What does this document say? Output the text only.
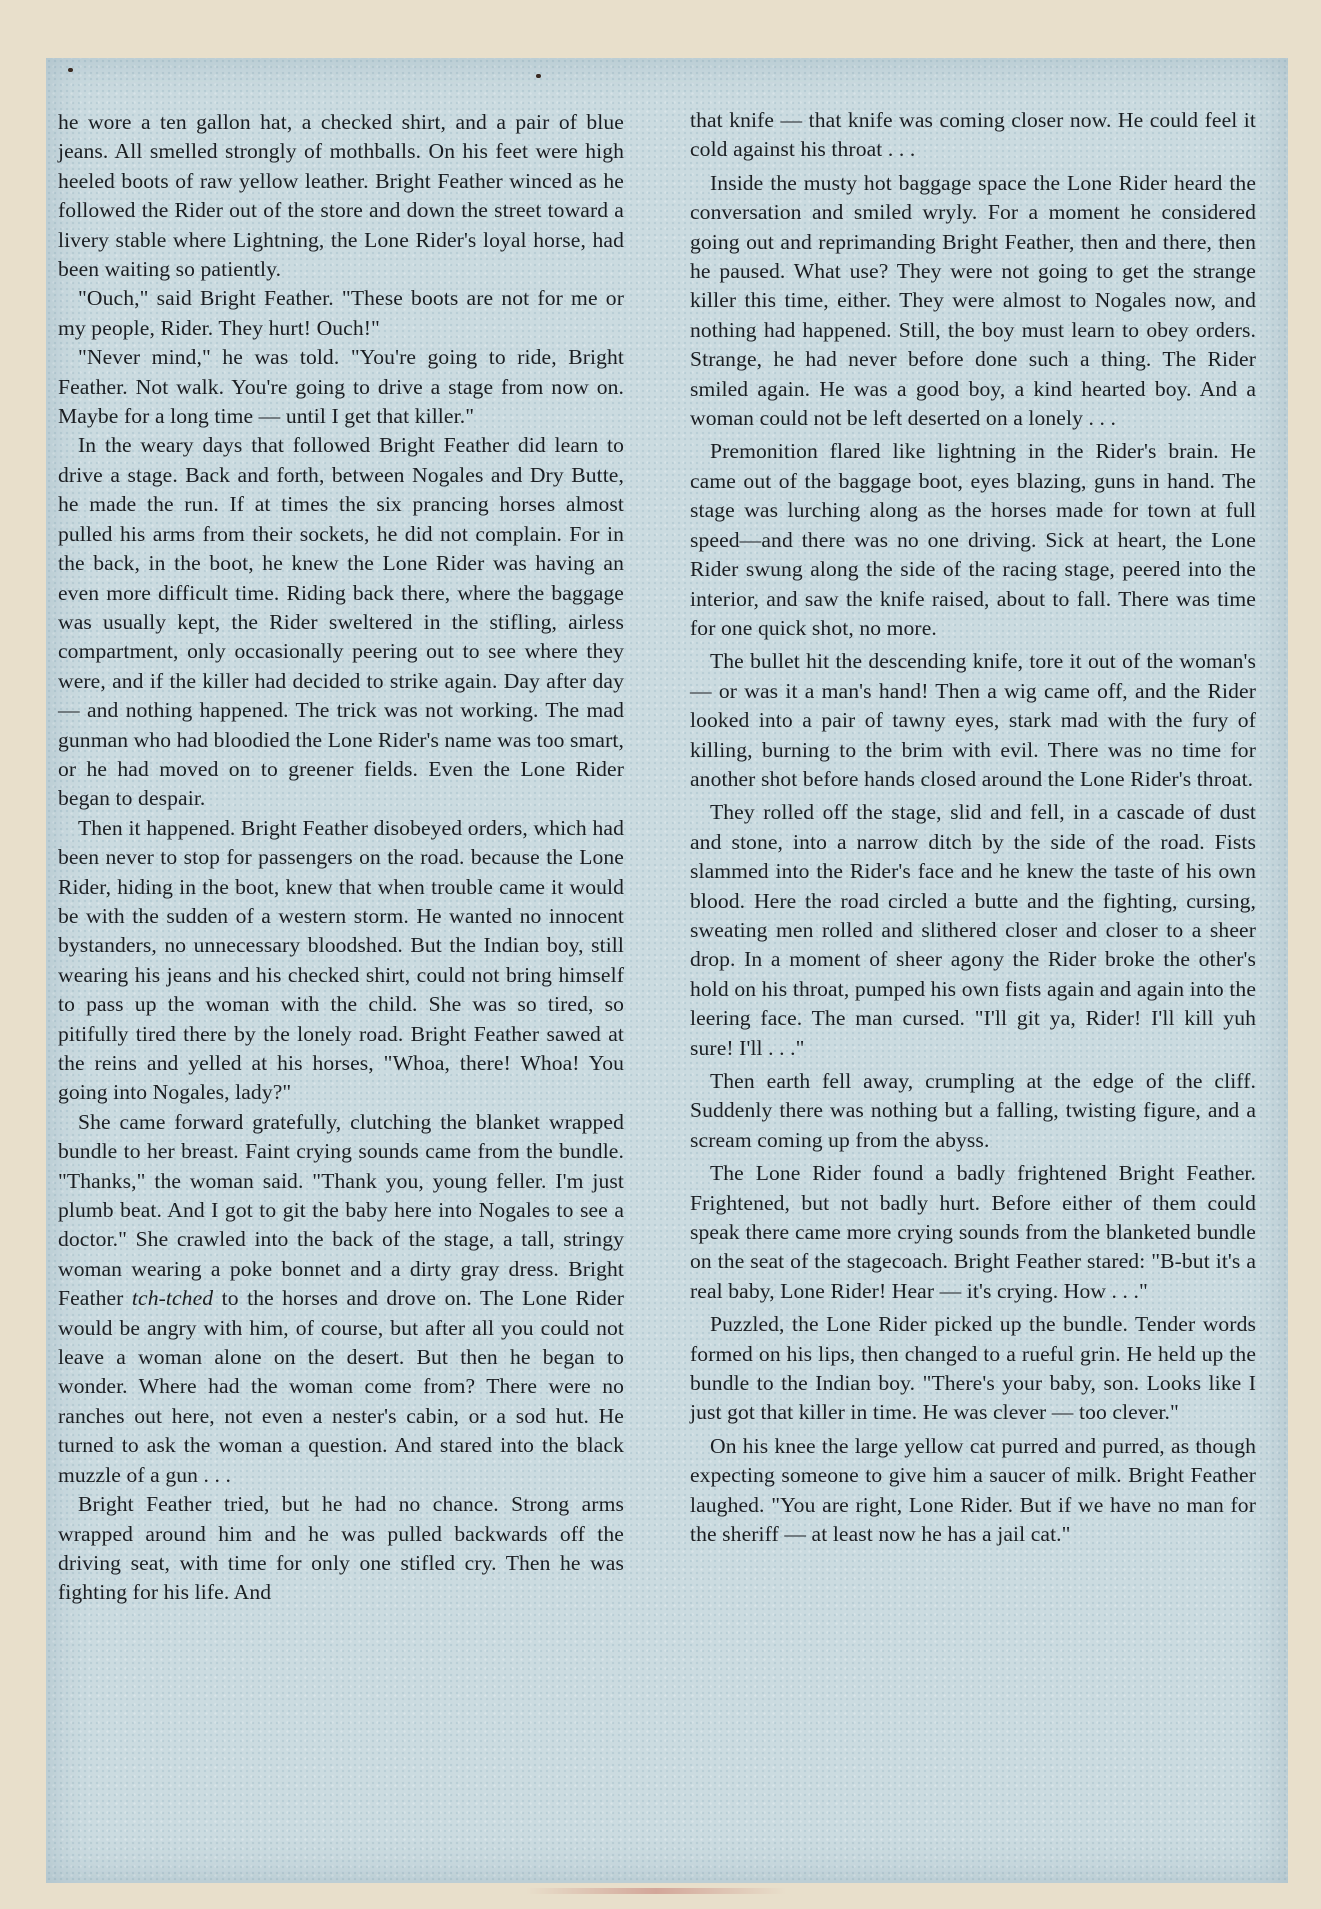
he wore a ten gallon hat, a checked shirt, and a pair of blue jeans. All smelled strongly of mothballs. On his feet were high heeled boots of raw yellow leather. Bright Feather winced as he followed the Rider out of the store and down the street toward a livery stable where Lightning, the Lone Rider's loyal horse, had been waiting so patiently.

"Ouch," said Bright Feather. "These boots are not for me or my people, Rider. They hurt! Ouch!"

"Never mind," he was told. "You're going to ride, Bright Feather. Not walk. You're going to drive a stage from now on. Maybe for a long time — until I get that killer."

In the weary days that followed Bright Feather did learn to drive a stage. Back and forth, between Nogales and Dry Butte, he made the run. If at times the six prancing horses almost pulled his arms from their sockets, he did not complain. For in the back, in the boot, he knew the Lone Rider was having an even more difficult time. Riding back there, where the baggage was usually kept, the Rider sweltered in the stifling, airless compartment, only occasionally peering out to see where they were, and if the killer had decided to strike again. Day after day — and nothing happened. The trick was not working. The mad gunman who had bloodied the Lone Rider's name was too smart, or he had moved on to greener fields. Even the Lone Rider began to despair.

Then it happened. Bright Feather disobeyed orders, which had been never to stop for passengers on the road. because the Lone Rider, hiding in the boot, knew that when trouble came it would be with the sudden of a western storm. He wanted no innocent bystanders, no unnecessary bloodshed. But the Indian boy, still wearing his jeans and his checked shirt, could not bring himself to pass up the woman with the child. She was so tired, so pitifully tired there by the lonely road. Bright Feather sawed at the reins and yelled at his horses, "Whoa, there! Whoa! You going into Nogales, lady?"

She came forward gratefully, clutching the blanket wrapped bundle to her breast. Faint crying sounds came from the bundle. "Thanks," the woman said. "Thank you, young feller. I'm just plumb beat. And I got to git the baby here into Nogales to see a doctor." She crawled into the back of the stage, a tall, stringy woman wearing a poke bonnet and a dirty gray dress. Bright Feather tch-tched to the horses and drove on. The Lone Rider would be angry with him, of course, but after all you could not leave a woman alone on the desert. But then he began to wonder. Where had the woman come from? There were no ranches out here, not even a nester's cabin, or a sod hut. He turned to ask the woman a question. And stared into the black muzzle of a gun . . .

Bright Feather tried, but he had no chance. Strong arms wrapped around him and he was pulled backwards off the driving seat, with time for only one stifled cry. Then he was fighting for his life. And

that knife — that knife was coming closer now. He could feel it cold against his throat . . .

Inside the musty hot baggage space the Lone Rider heard the conversation and smiled wryly. For a moment he considered going out and reprimanding Bright Feather, then and there, then he paused. What use? They were not going to get the strange killer this time, either. They were almost to Nogales now, and nothing had happened. Still, the boy must learn to obey orders. Strange, he had never before done such a thing. The Rider smiled again. He was a good boy, a kind hearted boy. And a woman could not be left deserted on a lonely . . .

Premonition flared like lightning in the Rider's brain. He came out of the baggage boot, eyes blazing, guns in hand. The stage was lurching along as the horses made for town at full speed—and there was no one driving. Sick at heart, the Lone Rider swung along the side of the racing stage, peered into the interior, and saw the knife raised, about to fall. There was time for one quick shot, no more.

The bullet hit the descending knife, tore it out of the woman's — or was it a man's hand! Then a wig came off, and the Rider looked into a pair of tawny eyes, stark mad with the fury of killing, burning to the brim with evil. There was no time for another shot before hands closed around the Lone Rider's throat.

They rolled off the stage, slid and fell, in a cascade of dust and stone, into a narrow ditch by the side of the road. Fists slammed into the Rider's face and he knew the taste of his own blood. Here the road circled a butte and the fighting, cursing, sweating men rolled and slithered closer and closer to a sheer drop. In a moment of sheer agony the Rider broke the other's hold on his throat, pumped his own fists again and again into the leering face. The man cursed. "I'll git ya, Rider! I'll kill yuh sure! I'll . . ."

Then earth fell away, crumpling at the edge of the cliff. Suddenly there was nothing but a falling, twisting figure, and a scream coming up from the abyss.

The Lone Rider found a badly frightened Bright Feather. Frightened, but not badly hurt. Before either of them could speak there came more crying sounds from the blanketed bundle on the seat of the stagecoach. Bright Feather stared: "B-but it's a real baby, Lone Rider! Hear — it's crying. How . . ."

Puzzled, the Lone Rider picked up the bundle. Tender words formed on his lips, then changed to a rueful grin. He held up the bundle to the Indian boy. "There's your baby, son. Looks like I just got that killer in time. He was clever — too clever."

On his knee the large yellow cat purred and purred, as though expecting someone to give him a saucer of milk. Bright Feather laughed. "You are right, Lone Rider. But if we have no man for the sheriff — at least now he has a jail cat."
